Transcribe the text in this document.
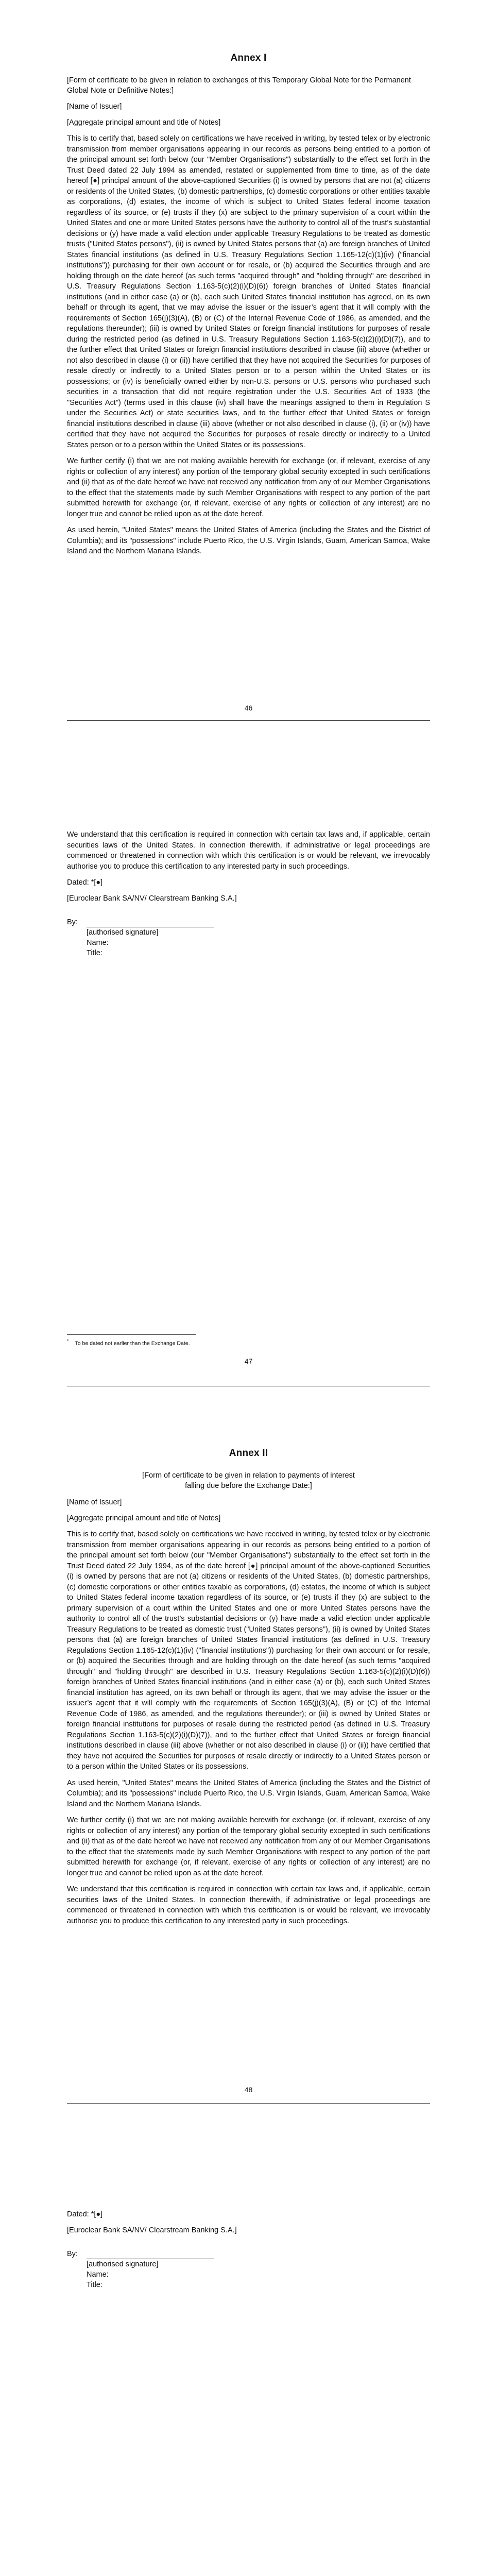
Annex I

[Form of certificate to be given in relation to exchanges of this Temporary Global Note for the Permanent Global Note or Definitive Notes:]

[Name of Issuer]

[Aggregate principal amount and title of Notes]

This is to certify that, based solely on certifications we have received in writing, by tested telex or by electronic transmission from member organisations appearing in our records as persons being entitled to a portion of the principal amount set forth below (our "Member Organisations") substantially to the effect set forth in the Trust Deed dated 22 July 1994 as amended, restated or supplemented from time to time, as of the date hereof [●] principal amount of the above-captioned Securities (i) is owned by persons that are not (a) citizens or residents of the United States, (b) domestic partnerships, (c) domestic corporations or other entities taxable as corporations, (d) estates, the income of which is subject to United States federal income taxation regardless of its source, or (e) trusts if they (x) are subject to the primary supervision of a court within the United States and one or more United States persons have the authority to control all of the trust’s substantial decisions or (y) have made a valid election under applicable Treasury Regulations to be treated as domestic trusts ("United States persons"), (ii) is owned by United States persons that (a) are foreign branches of United States financial institutions (as defined in U.S. Treasury Regulations Section 1.165-12(c)(1)(iv) ("financial institutions")) purchasing for their own account or for resale, or (b) acquired the Securities through and are holding through on the date hereof (as such terms "acquired through" and "holding through" are described in U.S. Treasury Regulations Section 1.163-5(c)(2)(i)(D)(6)) foreign branches of United States financial institutions (and in either case (a) or (b), each such United States financial institution has agreed, on its own behalf or through its agent, that we may advise the issuer or the issuer’s agent that it will comply with the requirements of Section 165(j)(3)(A), (B) or (C) of the Internal Revenue Code of 1986, as amended, and the regulations thereunder); (iii) is owned by United States or foreign financial institutions for purposes of resale during the restricted period (as defined in U.S. Treasury Regulations Section 1.163-5(c)(2)(i)(D)(7)), and to the further effect that United States or foreign financial institutions described in clause (iii) above (whether or not also described in clause (i) or (ii)) have certified that they have not acquired the Securities for purposes of resale directly or indirectly to a United States person or to a person within the United States or its possessions; or (iv) is beneficially owned either by non-U.S. persons or U.S. persons who purchased such securities in a transaction that did not require registration under the U.S. Securities Act of 1933 (the "Securities Act") (terms used in this clause (iv) shall have the meanings assigned to them in Regulation S under the Securities Act) or state securities laws, and to the further effect that United States or foreign financial institutions described in clause (iii) above (whether or not also described in clause (i), (ii) or (iv)) have certified that they have not acquired the Securities for purposes of resale directly or indirectly to a United States person or to a person within the United States or its possessions.

We further certify (i) that we are not making available herewith for exchange (or, if relevant, exercise of any rights or collection of any interest) any portion of the temporary global security excepted in such certifications and (ii) that as of the date hereof we have not received any notification from any of our Member Organisations to the effect that the statements made by such Member Organisations with respect to any portion of the part submitted herewith for exchange (or, if relevant, exercise of any rights or collection of any interest) are no longer true and cannot be relied upon as at the date hereof.

As used herein, "United States" means the United States of America (including the States and the District of Columbia); and its "possessions" include Puerto Rico, the U.S. Virgin Islands, Guam, American Samoa, Wake Island and the Northern Mariana Islands.

46

We understand that this certification is required in connection with certain tax laws and, if applicable, certain securities laws of the United States. In connection therewith, if administrative or legal proceedings are commenced or threatened in connection with which this certification is or would be relevant, we irrevocably authorise you to produce this certification to any interested party in such proceedings.

Dated: *[●]

[Euroclear Bank SA/NV/ Clearstream Banking S.A.]

By:
[authorised signature]
Name:
Title:
* To be dated not earlier than the Exchange Date.
47
Annex II
[Form of certificate to be given in relation to payments of interest
falling due before the Exchange Date:]

[Name of Issuer]

[Aggregate principal amount and title of Notes]

This is to certify that, based solely on certifications we have received in writing, by tested telex or by electronic transmission from member organisations appearing in our records as persons being entitled to a portion of the principal amount set forth below (our "Member Organisations") substantially to the effect set forth in the Trust Deed dated 22 July 1994, as of the date hereof [●] principal amount of the above-captioned Securities (i) is owned by persons that are not (a) citizens or residents of the United States, (b) domestic partnerships, (c) domestic corporations or other entities taxable as corporations, (d) estates, the income of which is subject to United States federal income taxation regardless of its source, or (e) trusts if they (x) are subject to the primary supervision of a court within the United States and one or more United States persons have the authority to control all of the trust’s substantial decisions or (y) have made a valid election under applicable Treasury Regulations to be treated as domestic trust ("United States persons"), (ii) is owned by United States persons that (a) are foreign branches of United States financial institutions (as defined in U.S. Treasury Regulations Section 1.165-12(c)(1)(iv) ("financial institutions")) purchasing for their own account or for resale, or (b) acquired the Securities through and are holding through on the date hereof (as such terms "acquired through" and "holding through" are described in U.S. Treasury Regulations Section 1.163-5(c)(2)(i)(D)(6)) foreign branches of United States financial institutions (and in either case (a) or (b), each such United States financial institution has agreed, on its own behalf or through its agent, that we may advise the issuer or the issuer’s agent that it will comply with the requirements of Section 165(j)(3)(A), (B) or (C) of the Internal Revenue Code of 1986, as amended, and the regulations thereunder); or (iii) is owned by United States or foreign financial institutions for purposes of resale during the restricted period (as defined in U.S. Treasury Regulations Section 1.163-5(c)(2)(i)(D)(7)), and to the further effect that United States or foreign financial institutions described in clause (iii) above (whether or not also described in clause (i) or (ii)) have certified that they have not acquired the Securities for purposes of resale directly or indirectly to a United States person or to a person within the United States or its possessions.

As used herein, "United States" means the United States of America (including the States and the District of Columbia); and its "possessions" include Puerto Rico, the U.S. Virgin Islands, Guam, American Samoa, Wake Island and the Northern Mariana Islands.

We further certify (i) that we are not making available herewith for exchange (or, if relevant, exercise of any rights or collection of any interest) any portion of the temporary global security excepted in such certifications and (ii) that as of the date hereof we have not received any notification from any of our Member Organisations to the effect that the statements made by such Member Organisations with respect to any portion of the part submitted herewith for exchange (or, if relevant, exercise of any rights or collection of any interest) are no longer true and cannot be relied upon as at the date hereof.

We understand that this certification is required in connection with certain tax laws and, if applicable, certain securities laws of the United States. In connection therewith, if administrative or legal proceedings are commenced or threatened in connection with which this certification is or would be relevant, we irrevocably authorise you to produce this certification to any interested party in such proceedings.

48

Dated: *[●]

[Euroclear Bank SA/NV/ Clearstream Banking S.A.]

By:
[authorised signature]
Name:
Title:
